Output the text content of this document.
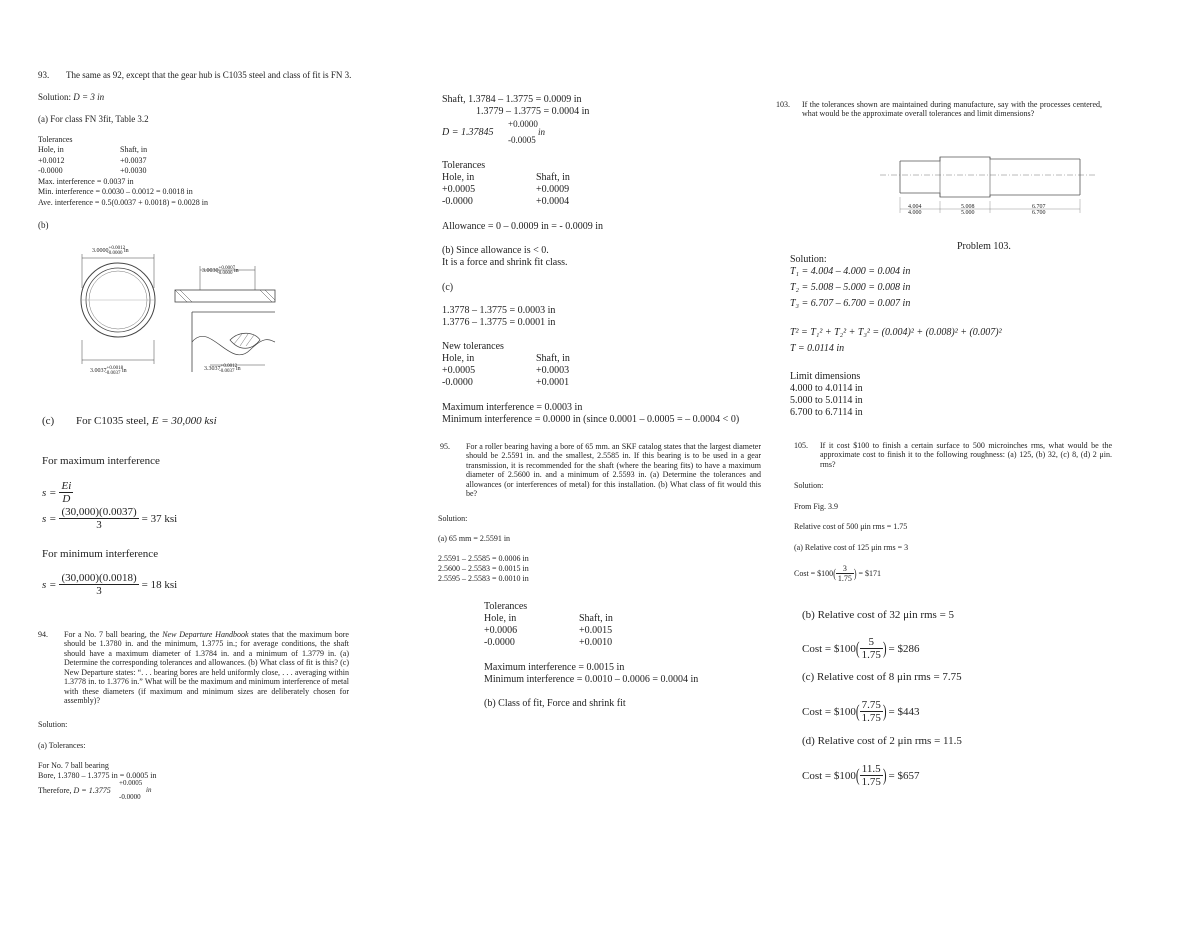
93. The same as 92, except that the gear hub is C1035 steel and class of fit is FN 3.
Solution: D = 3 in
(a) For class FN 3fit, Table 3.2
Tolerances
Hole, in	Shaft, in
+0.0012	+0.0037
-0.0000	+0.0030
Max. interference = 0.0037 in
Min. interference = 0.0030 – 0.0012 = 0.0018 in
Ave. interference = 0.5(0.0037 + 0.0018) = 0.0028 in
(b)
$3.0000^{+0.0012}_{-0.0000}$ in
$3.0030^{+0.0007}_{-0.0000}$ in
$3.0037^{+0.0018}_{-0.0037}$ in	$3.3037^{+0.0012}_{-0.0037}$ in
(c) For C1035 steel, E = 30,000 ksi
For maximum interference
$s = \frac{Ei}{D}$
$s = \frac{(30,000)(0.0037)}{3} = 37$ ksi
For minimum interference
$s = \frac{(30,000)(0.0018)}{3} = 18$ ksi
94. For a No. 7 ball bearing, the New Departure Handbook states that the maximum bore should be 1.3780 in. and the minimum, 1.3775 in.; for average conditions, the shaft should have a maximum diameter of 1.3784 in. and a minimum of 1.3779 in. (a) Determine the corresponding tolerances and allowances. (b) What class of fit is this? (c) New Departure states: “. . . bearing bores are held uniformly close, . . . averaging within 1.3778 in. to 1.3776 in.” What will be the maximum and minimum interference of metal with these diameters (if maximum and minimum sizes are deliberately chosen for assembly)?
Solution:
(a) Tolerances:
For No. 7 ball bearing
Bore, 1.3780 – 1.3775 in = 0.0005 in
Therefore, D = 1.3775
+0.0005
-0.0000
in
Shaft, 1.3784 – 1.3775 = 0.0009 in
1.3779 – 1.3775 = 0.0004 in
D = 1.37845
+0.0000
-0.0005
in
Tolerances
Hole, in	Shaft, in
+0.0005	+0.0009
-0.0000	+0.0004
Allowance = 0 – 0.0009 in = - 0.0009 in
(b) Since allowance is < 0.
It is a force and shrink fit class.
(c)
1.3778 – 1.3775 = 0.0003 in
1.3776 – 1.3775 = 0.0001 in
New tolerances
Hole, in	Shaft, in
+0.0005	+0.0003
-0.0000	+0.0001
Maximum interference = 0.0003 in
Minimum interference = 0.0000 in (since 0.0001 – 0.0005 = – 0.0004 < 0)
95. For a roller bearing having a bore of 65 mm. an SKF catalog states that the largest diameter should be 2.5591 in. and the smallest, 2.5585 in. If this bearing is to be used in a gear transmission, it is recommended for the shaft (where the bearing fits) to have a maximum diameter of 2.5600 in. and a minimum of 2.5593 in. (a) Determine the tolerances and allowances (or interferences of metal) for this installation. (b) What class of fit would this be?
Solution:
(a) 65 mm = 2.5591 in
2.5591 – 2.5585 = 0.0006 in
2.5600 – 2.5583 = 0.0015 in
2.5595 – 2.5583 = 0.0010 in
Tolerances
Hole, in	Shaft, in
+0.0006	+0.0015
-0.0000	+0.0010
Maximum interference = 0.0015 in
Minimum interference = 0.0010 – 0.0006 = 0.0004 in
(b) Class of fit, Force and shrink fit
103. If the tolerances shown are maintained during manufacture, say with the processes centered, what would be the approximate overall tolerances and limit dimensions?
4.004
4.000
5.008
5.000
6.707
6.700
Problem 103.
Solution:
T₁ = 4.004 – 4.000 = 0.004 in
T₂ = 5.008 – 5.000 = 0.008 in
T₃ = 6.707 – 6.700 = 0.007 in
T² = T₁² + T₂² + T₃² = (0.004)² + (0.008)² + (0.007)²
T = 0.0114 in
Limit dimensions
4.000 to 4.0114 in
5.000 to 5.0114 in
6.700 to 6.7114 in
105. If it cost $100 to finish a certain surface to 500 microinches rms, what would be the approximate cost to finish it to the following roughness: (a) 125, (b) 32, (c) 8, (d) 2 μin. rms?
Solution:
From Fig. 3.9
Relative cost of 500 μin rms = 1.75
(a) Relative cost of 125 μin rms = 3
Cost = $100 ( $\frac{3}{1.75}$ ) = $171
(b) Relative cost of 32 μin rms = 5
Cost = $100 ( $\frac{5}{1.75}$ ) = $286
(c) Relative cost of 8 μin rms = 7.75
Cost = $100 ( $\frac{7.75}{1.75}$ ) = $443
(d) Relative cost of 2 μin rms = 11.5
Cost = $100 ( $\frac{11.5}{1.75}$ ) = $657
